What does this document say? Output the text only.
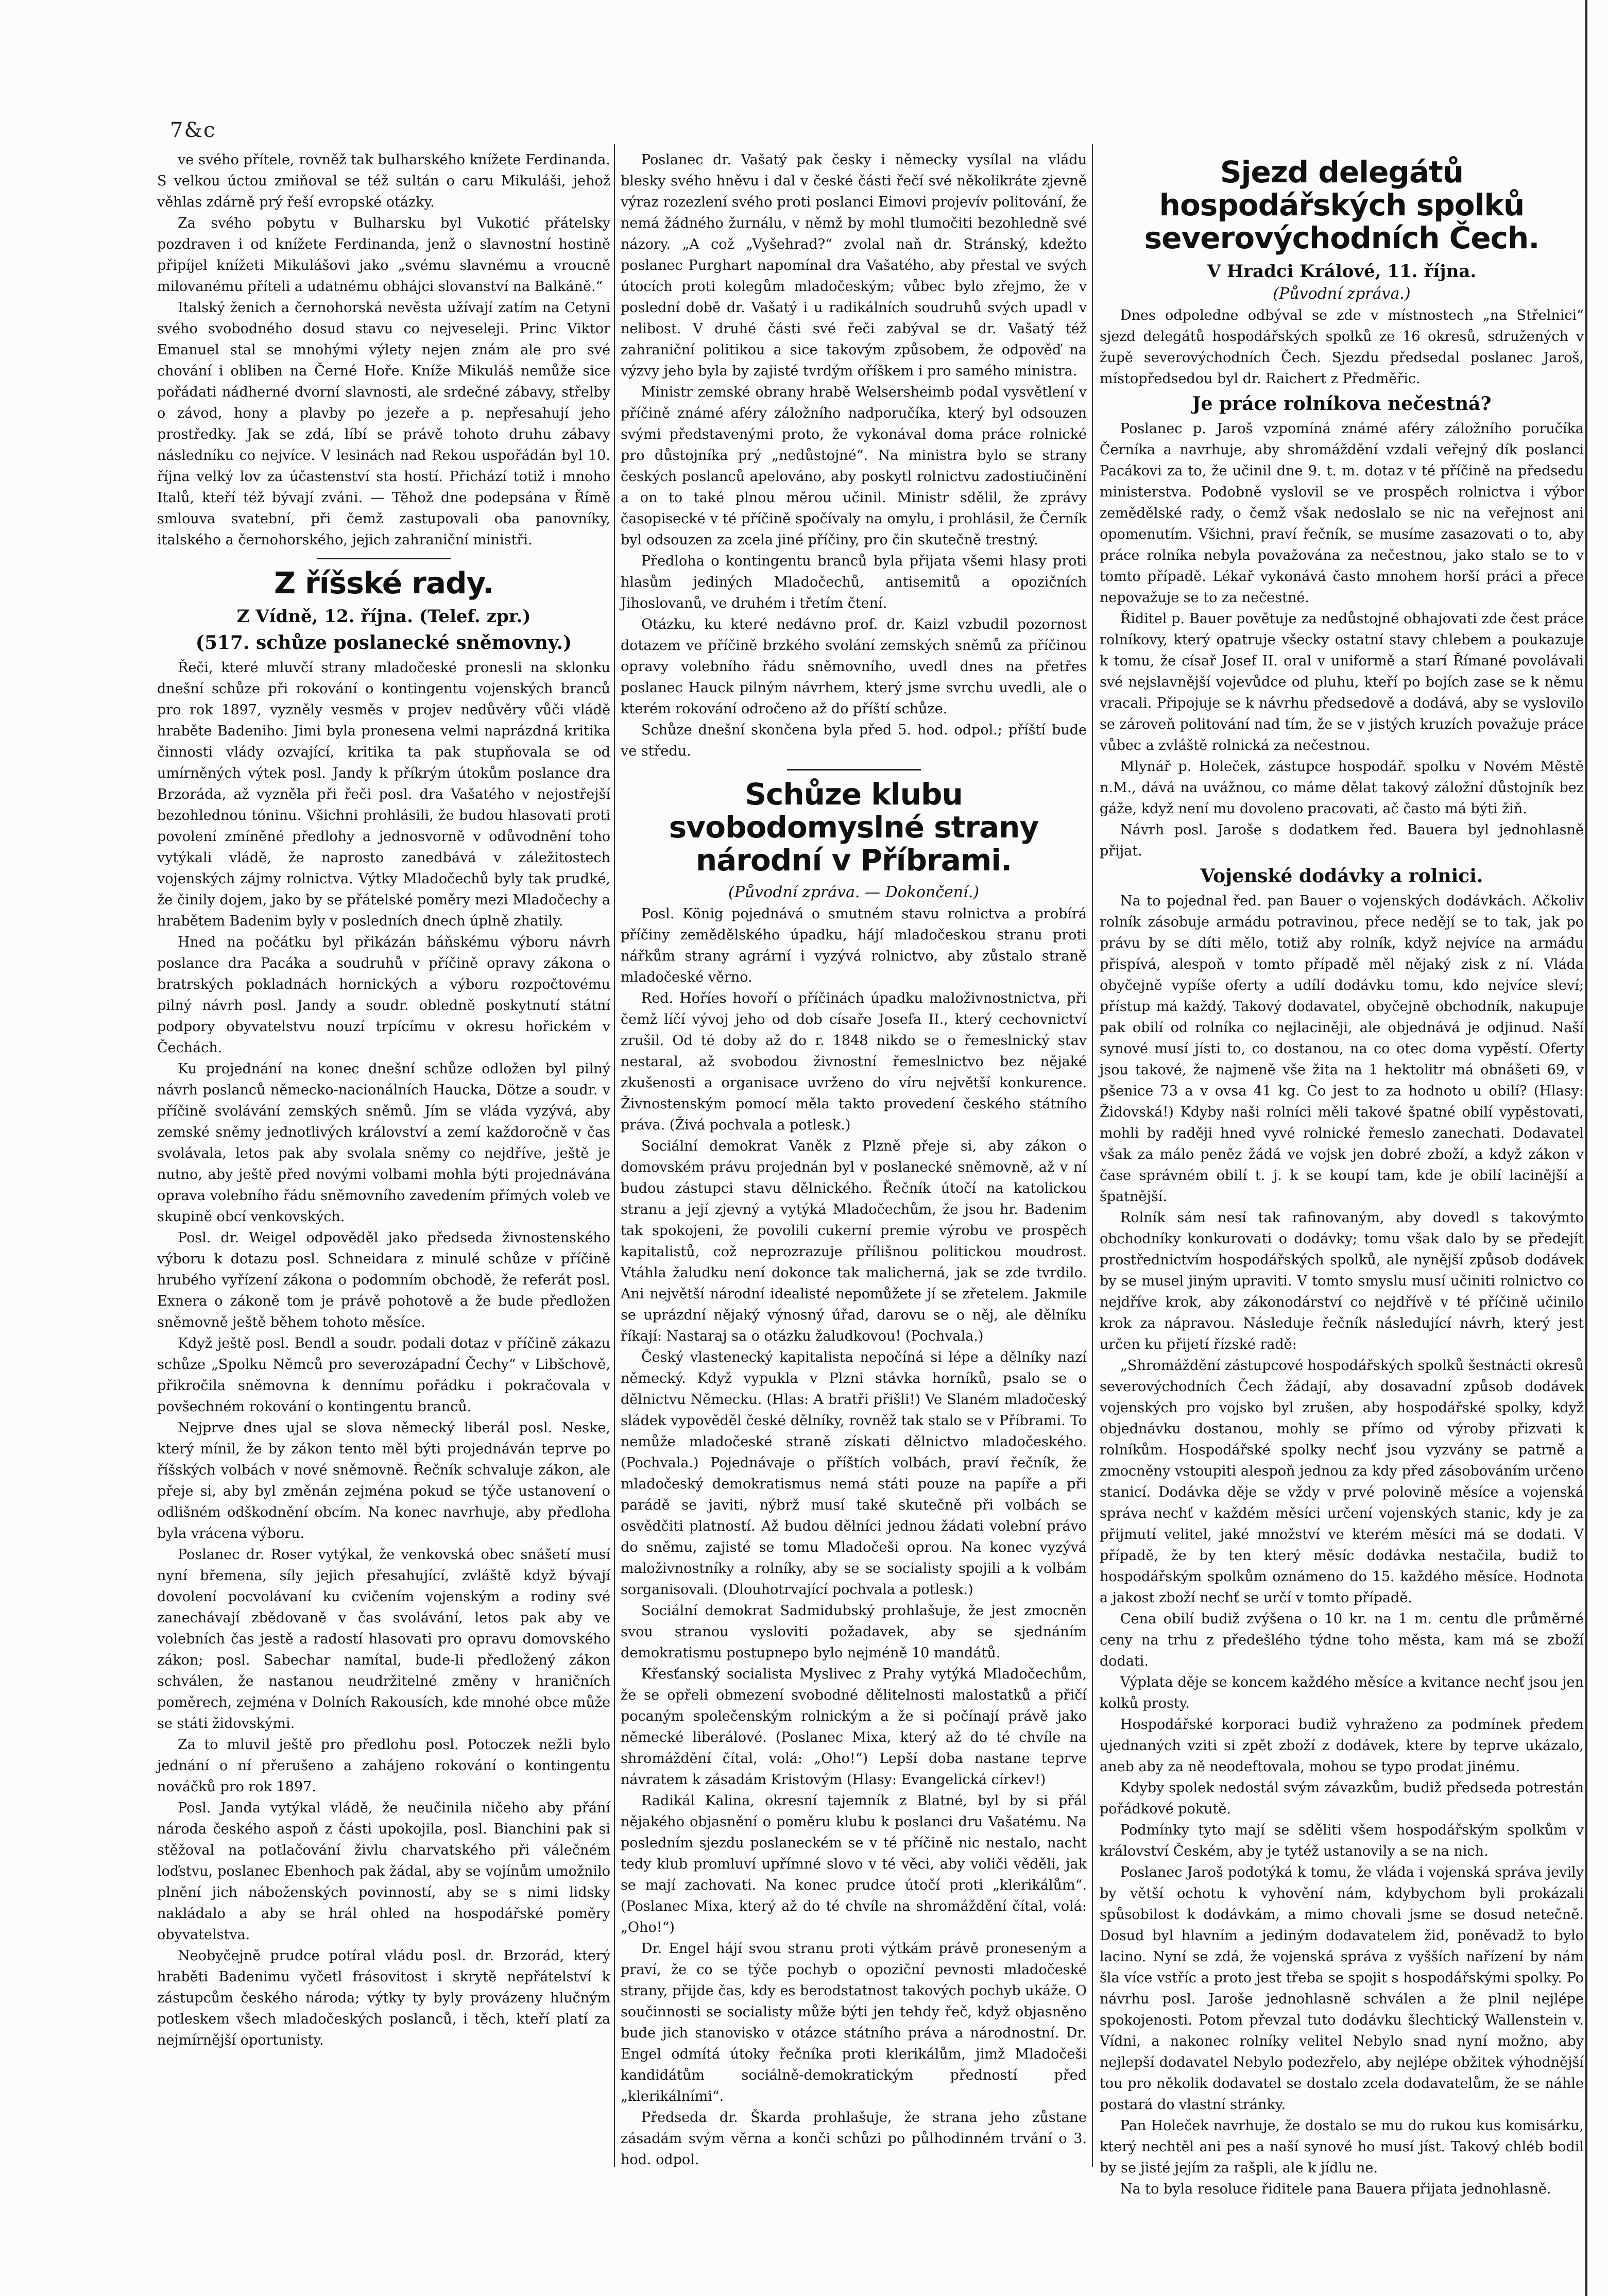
7&c

ve svého přítele, rovněž tak bulharského knížete Ferdinanda. S velkou úctou zmiňoval se též sultán o caru Mikuláši, jehož věhlas zdárně prý řeší evropské otázky.

Za svého pobytu v Bulharsku byl Vukotić přátelsky pozdraven i od knížete Ferdinanda, jenž o slavnostní hostině připíjel knížeti Mikulášovi jako „svému slavnému a vroucně milovanému příteli a udatnému obhájci slovanství na Balkáně.“

Italský ženich a černohorská nevěsta užívají zatím na Cetyni svého svobodného dosud stavu co nejveseleji. Princ Viktor Emanuel stal se mnohými výlety nejen znám ale pro své chování i obliben na Černé Hoře. Kníže Mikuláš nemůže sice pořádati nádherné dvorní slavnosti, ale srdečné zábavy, střelby o závod, hony a plavby po jezeře a p. nepřesahují jeho prostředky. Jak se zdá, líbí se právě tohoto druhu zábavy následníku co nejvíce. V lesinách nad Rekou uspořádán byl 10. října velký lov za účastenství sta hostí. Přichází totiž i mnoho Italů, kteří též bývají zváni. — Těhož dne podepsána v Římě smlouva svatební, při čemž zastupovali oba panovníky, italského a černohorského, jejich zahraniční ministři.

Z říšské rady.

Z Vídně, 12. října. (Telef. zpr.)

(517. schůze poslanecké sněmovny.)

Řeči, které mluvčí strany mladočeské pronesli na sklonku dnešní schůze při rokování o kontingentu vojenských branců pro rok 1897, vyzněly vesměs v projev nedůvěry vůči vládě hraběte Badeniho. Jimi byla pronesena velmi naprázdná kritika činnosti vlády ozvající, kritika ta pak stupňovala se od umírněných výtek posl. Jandy k příkrým útokům poslance dra Brzoráda, až vyzněla při řeči posl. dra Vašatého v nejostřejší bezohlednou tóninu. Všichni prohlásili, že budou hlasovati proti povolení zmíněné předlohy a jednosvorně v odůvodnění toho vytýkali vládě, že naprosto zanedbává v záležitostech vojenských zájmy rolnictva. Výtky Mladočechů byly tak prudké, že činily dojem, jako by se přátelské poměry mezi Mladočechy a hrabětem Badenim byly v posledních dnech úplně zhatily.

Hned na počátku byl přikázán báňskému výboru návrh poslance dra Pacáka a soudruhů v příčině opravy zákona o bratrských pokladnách hornických a výboru rozpočtovému pilný návrh posl. Jandy a soudr. obledně poskytnutí státní podpory obyvatelstvu nouzí trpícímu v okresu hořickém v Čechách.

Ku projednání na konec dnešní schůze odložen byl pilný návrh poslanců německo-nacionálních Haucka, Dötze a soudr. v příčině svolávání zemských sněmů. Jím se vláda vyzývá, aby zemské sněmy jednotlivých království a zemí každoročně v čas svolávala, letos pak aby svolala sněmy co nejdříve, ještě je nutno, aby ještě před novými volbami mohla býti projednávána oprava volebního řádu sněmovního zavedením přímých voleb ve skupině obcí venkovských.

Posl. dr. Weigel odpověděl jako předseda živnostenského výboru k dotazu posl. Schneidara z minulé schůze v příčině hrubého vyřízení zákona o podomním obchodě, že referát posl. Exnera o zákoně tom je právě pohotově a že bude předložen sněmovně ještě během tohoto měsíce.

Když ještě posl. Bendl a soudr. podali dotaz v příčině zákazu schůze „Spolku Němců pro severozápadní Čechy“ v Libšchově, přikročila sněmovna k dennímu pořádku i pokračovala v povšechném rokování o kontingentu branců.

Nejprve dnes ujal se slova německý liberál posl. Neske, který mínil, že by zákon tento měl býti projednáván teprve po říšských volbách v nové sněmovně. Řečník schvaluje zákon, ale přeje si, aby byl změnán zejména pokud se týče ustanovení o odlišném odškodnění obcím. Na konec navrhuje, aby předloha byla vrácena výboru.

Poslanec dr. Roser vytýkal, že venkovská obec snášetí musí nyní břemena, síly jejich přesahující, zvláště když bývají dovolení pocvolávaní ku cvičením vojenským a rodiny své zanechávají zbědovaně v čas svolávání, letos pak aby ve volebních čas jestě a radostí hlasovati pro opravu domovského zákon; posl. Sabechar namítal, bude-li předložený zákon schválen, že nastanou neudržitelné změny v hraničních poměrech, zejména v Dolních Rakousích, kde mnohé obce může se státi židovskými.

Za to mluvil ještě pro předlohu posl. Potoczek nežli bylo jednání o ní přerušeno a zahájeno rokování o kontingentu nováčků pro rok 1897.

Posl. Janda vytýkal vládě, že neučinila ničeho aby přání národa českého aspoň z části upokojila, posl. Bianchini pak si stěžoval na potlačování živlu charvatského při válečném loďstvu, poslanec Ebenhoch pak žádal, aby se vojínům umožnilo plnění jich náboženských povinností, aby se s nimi lidsky nakládalo a aby se hrál ohled na hospodářské poměry obyvatelstva.

Neobyčejně prudce potíral vládu posl. dr. Brzorád, který hraběti Badenimu vyčetl frásovitost i skrytě nepřátelství k zástupcům českého národa; výtky ty byly provázeny hlučným potleskem všech mladočeských poslanců, i těch, kteří platí za nejmírnější oportunisty.

Poslanec dr. Vašatý pak česky i německy vysílal na vládu blesky svého hněvu i dal v české části řečí své několikráte zjevně výraz rozezlení svého proti poslanci Eimovi projevív politování, že nemá žádného žurnálu, v němž by mohl tlumočiti bezohledně své názory. „A což „Vyšehrad?“ zvolal naň dr. Stránský, kdežto poslanec Purghart napomínal dra Vašatého, aby přestal ve svých útocích proti kolegům mladočeským; vůbec bylo zřejmo, že v poslední době dr. Vašatý i u radikálních soudruhů svých upadl v nelibost. V druhé části své řeči zabýval se dr. Vašatý též zahraniční politikou a sice takovým způsobem, že odpověď na výzvy jeho byla by zajisté tvrdým oříškem i pro samého ministra.

Ministr zemské obrany hrabě Welsersheimb podal vysvětlení v příčině známé aféry záložního nadporučíka, který byl odsouzen svými představenými proto, že vykonával doma práce rolnické pro důstojníka prý „nedůstojné“. Na ministra bylo se strany českých poslanců apelováno, aby poskytl rolnictvu zadostiučinění a on to také plnou měrou učinil. Ministr sdělil, že zprávy časopisecké v té příčině spočívaly na omylu, i prohlásil, že Černík byl odsouzen za zcela jiné příčiny, pro čin skutečně trestný.

Předloha o kontingentu branců byla přijata všemi hlasy proti hlasům jediných Mladočechů, antisemitů a opozičních Jihoslovanů, ve druhém i třetím čtení.

Otázku, ku které nedávno prof. dr. Kaizl vzbudil pozornost dotazem ve příčině brzkého svolání zemských sněmů za příčinou opravy volebního řádu sněmovního, uvedl dnes na přetřes poslanec Hauck pilným návrhem, který jsme svrchu uvedli, ale o kterém rokování odročeno až do příští schůze.

Schůze dnešní skončena byla před 5. hod. odpol.; příští bude ve středu.

Schůze klubu svobodomyslné strany národní v Příbrami.

(Původní zpráva. — Dokončení.)

Posl. König pojednává o smutném stavu rolnictva a probírá příčiny zemědělského úpadku, hájí mladočeskou stranu proti nářkům strany agrární i vyzývá rolnictvo, aby zůstalo straně mladočeské věrno.

Red. Hoříes hovoří o příčinách úpadku maloživnostnictva, při čemž líčí vývoj jeho od dob císaře Josefa II., který cechovnictví zrušil. Od té doby až do r. 1848 nikdo se o řemeslnický stav nestaral, až svobodou živnostní řemeslnictvo bez nějaké zkušenosti a organisace uvrženo do víru největší konkurence. Živnostenským pomocí měla takto provedení českého státního práva. (Živá pochvala a potlesk.)

Sociální demokrat Vaněk z Plzně přeje si, aby zákon o domovském právu projednán byl v poslanecké sněmovně, až v ní budou zástupci stavu dělnického. Řečník útočí na katolickou stranu a její zjevný a vytýká Mladočechům, že jsou hr. Badenim tak spokojeni, že povolili cukerní premie výrobu ve prospěch kapitalistů, což neprozrazuje přílišnou politickou moudrost. Vtáhla žaludku není dokonce tak malicherná, jak se zde tvrdilo. Ani největší národní idealisté nepomůžete jí se zřetelem. Jakmile se uprázdní nějaký výnosný úřad, darovu se o něj, ale dělníku říkají: Nastaraj sa o otázku žaludkovou! (Pochvala.)

Český vlastenecký kapitalista nepočíná si lépe a dělníky nazí německý. Když vypukla v Plzni stávka horníků, psalo se o dělnictvu Německu. (Hlas: A bratři přišli!) Ve Slaném mladočeský sládek vypověděl české dělníky, rovněž tak stalo se v Příbrami. To nemůže mladočeské straně získati dělnictvo mladočeského. (Pochvala.) Pojednávaje o příštích volbách, praví řečník, že mladočeský demokratismus nemá státi pouze na papíře a při parádě se javiti, nýbrž musí také skutečně při volbách se osvědčiti platností. Až budou dělníci jednou žádati volební právo do sněmu, zajisté se tomu Mladočeši oprou. Na konec vyzývá maloživnostníky a rolníky, aby se se socialisty spojili a k volbám sorganisovali. (Dlouhotrvající pochvala a potlesk.)

Sociální demokrat Sadmidubský prohlašuje, že jest zmocněn svou stranou vysloviti požadavek, aby se sjednáním demokratismu postupnepo bylo nejméně 10 mandátů.

Křesťanský socialista Myslivec z Prahy vytýká Mladočechům, že se opřeli obmezení svobodné dělitelnosti malostatků a přičí pocaným společenským rolnickým a že si počínají právě jako německé liberálové. (Poslanec Mixa, který až do té chvíle na shromáždění čítal, volá: „Oho!“) Lepší doba nastane teprve návratem k zásadám Kristovým (Hlasy: Evangelická církev!)

Radikál Kalina, okresní tajemník z Blatné, byl by si přál nějakého objasnění o poměru klubu k poslanci dru Vašatému. Na posledním sjezdu poslaneckém se v té příčině nic nestalo, nacht tedy klub promluví upřímné slovo v té věci, aby voliči věděli, jak se mají zachovati. Na konec prudce útočí proti „klerikálům“. (Poslanec Mixa, který až do té chvíle na shromáždění čítal, volá: „Oho!“)

Dr. Engel hájí svou stranu proti výtkám právě proneseným a praví, že co se týče pochyb o opoziční pevnosti mladočeské strany, přijde čas, kdy es berodstatnost takových pochyb ukáže. O součinnosti se socialisty může býti jen tehdy řeč, když objasněno bude jich stanovisko v otázce státního práva a národnostní. Dr. Engel odmítá útoky řečníka proti klerikálům, jimž Mladočeši kandidátům sociálně-demokratickým předností před „klerikálními“.

Předseda dr. Škarda prohlašuje, že strana jeho zůstane zásadám svým věrna a konči schůzi po půlhodinném trvání o 3. hod. odpol.

Sjezd delegátů hospodářských spolků severovýchodních Čech.

V Hradci Králové, 11. října.

(Původní zpráva.)

Dnes odpoledne odbýval se zde v místnostech „na Střelnici“ sjezd delegátů hospodářských spolků ze 16 okresů, sdružených v župě severovýchodních Čech. Sjezdu předsedal poslanec Jaroš, místopředsedou byl dr. Raichert z Předměřic.

Je práce rolníkova nečestná?

Poslanec p. Jaroš vzpomíná známé aféry záložního poručíka Černíka a navrhuje, aby shromáždění vzdali veřejný dík poslanci Pacákovi za to, že učinil dne 9. t. m. dotaz v té příčině na předsedu ministerstva. Podobně vyslovil se ve prospěch rolnictva i výbor zemědělské rady, o čemž však nedoslalo se nic na veřejnost ani opomenutím. Všichni, praví řečník, se musíme zasazovati o to, aby práce rolníka nebyla považována za nečestnou, jako stalo se to v tomto případě. Lékař vykonává často mnohem horší práci a přece nepovažuje se to za nečestné.

Řiditel p. Bauer povětuje za nedůstojné obhajovati zde čest práce rolníkovy, který opatruje všecky ostatní stavy chlebem a poukazuje k tomu, že císař Josef II. oral v uniformě a starí Římané povolávali své nejslavnější vojevůdce od pluhu, kteří po bojích zase se k němu vracali. Připojuje se k návrhu předsedově a dodává, aby se vyslovilo se zároveň politování nad tím, že se v jistých kruzích považuje práce vůbec a zvláště rolnická za nečestnou.

Mlynář p. Holeček, zástupce hospodář. spolku v Novém Městě n.M., dává na uvážnou, co máme dělat takový záložní důstojník bez gáže, když není mu dovoleno pracovati, ač často má býti žiň.

Návrh posl. Jaroše s dodatkem řed. Bauera byl jednohlasně přijat.

Vojenské dodávky a rolnici.

Na to pojednal řed. pan Bauer o vojenských dodávkách. Ačkoliv rolník zásobuje armádu potravinou, přece nedějí se to tak, jak po právu by se díti mělo, totiž aby rolník, když nejvíce na armádu přispívá, alespoň v tomto případě měl nějaký zisk z ní. Vláda obyčejně vypíše oferty a udílí dodávku tomu, kdo nejvíce sleví; přístup má každý. Takový dodavatel, obyčejně obchodník, nakupuje pak obilí od rolníka co nejlaciněji, ale objednává je odjinud. Naší synové musí jísti to, co dostanou, na co otec doma vypěstí. Oferty jsou takové, že najmeně vše žita na 1 hektolitr má obnášeti 69, v pšenice 73 a v ovsa 41 kg. Co jest to za hodnoto u obilí? (Hlasy: Židovská!) Kdyby naši rolníci měli takové špatné obilí vypěstovati, mohli by raději hned vyvé rolnické řemeslo zanechati. Dodavatel však za málo peněz žádá ve vojsk jen dobré zboží, a když zákon v čase správném obilí t. j. k se koupí tam, kde je obilí lacinější a špatnější.

Rolník sám nesí tak rafinovaným, aby dovedl s takovýmto obchodníky konkurovati o dodávky; tomu však dalo by se předejít prostřednictvím hospodářských spolků, ale nynější způsob dodávek by se musel jiným upraviti. V tomto smyslu musí učiniti rolnictvo co nejdříve krok, aby zákonodárství co nejdřívě v té příčině učinilo krok za nápravou. Následuje řečník následující návrh, který jest určen ku přijetí řízské radě:

„Shromáždění zástupcové hospodářských spolků šestnácti okresů severovýchodních Čech žádají, aby dosavadní způsob dodávek vojenských pro vojsko byl zrušen, aby hospodářské spolky, když objednávku dostanou, mohly se přímo od výroby přizvati k rolníkům. Hospodářské spolky nechť jsou vyzvány se patrně a zmocněny vstoupiti alespoň jednou za kdy před zásobováním určeno stanicí. Dodávka děje se vždy v prvé polovině měsíce a vojenská správa nechť v každém měsíci určení vojenských stanic, kdy je za přijmutí velitel, jaké množství ve kterém měsíci má se dodati. V případě, že by ten který měsíc dodávka nestačila, budiž to hospodářským spolkům oznámeno do 15. každého měsíce. Hodnota a jakost zboží nechť se určí v tomto případě.

Cena obilí budiž zvýšena o 10 kr. na 1 m. centu dle průměrné ceny na trhu z předešlého týdne toho města, kam má se zboží dodati.

Výplata děje se koncem každého měsíce a kvitance nechť jsou jen kolků prosty.

Hospodářské korporaci budiž vyhraženo za podmínek předem ujednaných vziti si zpět zboží z dodávek, ktere by teprve ukázalo, aneb aby za ně neodeftovala, mohou se typo prodat jinému.

Kdyby spolek nedostál svým závazkům, budiž předseda potrestán pořádkové pokutě.

Podmínky tyto mají se sděliti všem hospodářským spolkům v království Českém, aby je tytéž ustanovily a se na nich.

Poslanec Jaroš podotýká k tomu, že vláda i vojenská správa jevily by větší ochotu k vyhovění nám, kdybychom byli prokázali spůsobilost k dodávkám, a mimo chovali jsme se dosud netečně. Dosud byl hlavním a jediným dodavatelem žid, poněvadž to bylo lacino. Nyní se zdá, že vojenská správa z vyšších nařízení by nám šla více vstříc a proto jest třeba se spojit s hospodářskými spolky. Po návrhu posl. Jaroše jednohlasně schválen a že plnil nejlépe spokojenosti. Potom převzal tuto dodávku šlechtický Wallenstein v. Vídni, a nakonec rolníky velitel Nebylo snad nyní možno, aby nejlepší dodavatel Nebylo podezřelo, aby nejlépe obžitek výhodnější tou pro několik dodavatel se dostalo zcela dodavatelům, že se náhle postará do vlastní stránky.

Pan Holeček navrhuje, že dostalo se mu do rukou kus komisárku, který nechtěl ani pes a naší synové ho musí jíst. Takový chléb bodil by se jisté jejím za rašpli, ale k jídlu ne.

Na to byla resoluce řiditele pana Bauera přijata jednohlasně.
